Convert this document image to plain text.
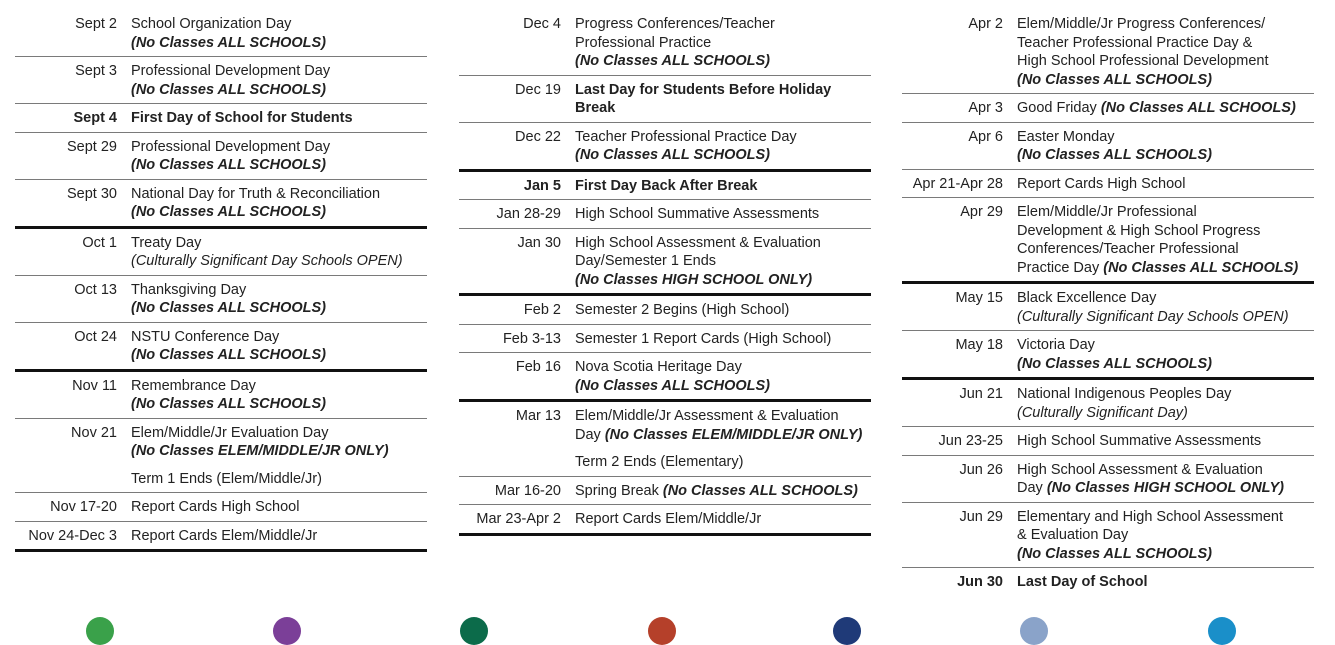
Sept 2 School Organization Day
(No Classes ALL SCHOOLS)
Sept 3 Professional Development Day
(No Classes ALL SCHOOLS)
Sept 4 First Day of School for Students
Sept 29 Professional Development Day
(No Classes ALL SCHOOLS)
Sept 30 National Day for Truth & Reconciliation
(No Classes ALL SCHOOLS)
Oct 1 Treaty Day
(Culturally Significant Day Schools OPEN)
Oct 13 Thanksgiving Day
(No Classes ALL SCHOOLS)
Oct 24 NSTU Conference Day
(No Classes ALL SCHOOLS)
Nov 11 Remembrance Day
(No Classes ALL SCHOOLS)
Nov 21 Elem/Middle/Jr Evaluation Day
(No Classes ELEM/MIDDLE/JR ONLY)
Term 1 Ends (Elem/Middle/Jr)
Nov 17-20 Report Cards High School
Nov 24-Dec 3 Report Cards Elem/Middle/Jr
Dec 4 Progress Conferences/Teacher
Professional Practice
(No Classes ALL SCHOOLS)
Dec 19 Last Day for Students Before Holiday
Break
Dec 22 Teacher Professional Practice Day
(No Classes ALL SCHOOLS)
Jan 5 First Day Back After Break
Jan 28-29 High School Summative Assessments
Jan 30 High School Assessment & Evaluation
Day/Semester 1 Ends
(No Classes HIGH SCHOOL ONLY)
Feb 2 Semester 2 Begins (High School)
Feb 3-13 Semester 1 Report Cards (High School)
Feb 16 Nova Scotia Heritage Day
(No Classes ALL SCHOOLS)
Mar 13 Elem/Middle/Jr Assessment & Evaluation
Day (No Classes ELEM/MIDDLE/JR ONLY)
Term 2 Ends (Elementary)
Mar 16-20 Spring Break (No Classes ALL SCHOOLS)
Mar 23-Apr 2 Report Cards Elem/Middle/Jr
Apr 2 Elem/Middle/Jr Progress Conferences/
Teacher Professional Practice Day &
High School Professional Development
(No Classes ALL SCHOOLS)
Apr 3 Good Friday (No Classes ALL SCHOOLS)
Apr 6 Easter Monday
(No Classes ALL SCHOOLS)
Apr 21-Apr 28 Report Cards High School
Apr 29 Elem/Middle/Jr Professional
Development & High School Progress
Conferences/Teacher Professional
Practice Day (No Classes ALL SCHOOLS)
May 15 Black Excellence Day
(Culturally Significant Day Schools OPEN)
May 18 Victoria Day
(No Classes ALL SCHOOLS)
Jun 21 National Indigenous Peoples Day
(Culturally Significant Day)
Jun 23-25 High School Summative Assessments
Jun 26 High School Assessment & Evaluation
Day (No Classes HIGH SCHOOL ONLY)
Jun 29 Elementary and High School Assessment
& Evaluation Day
(No Classes ALL SCHOOLS)
Jun 30 Last Day of School
